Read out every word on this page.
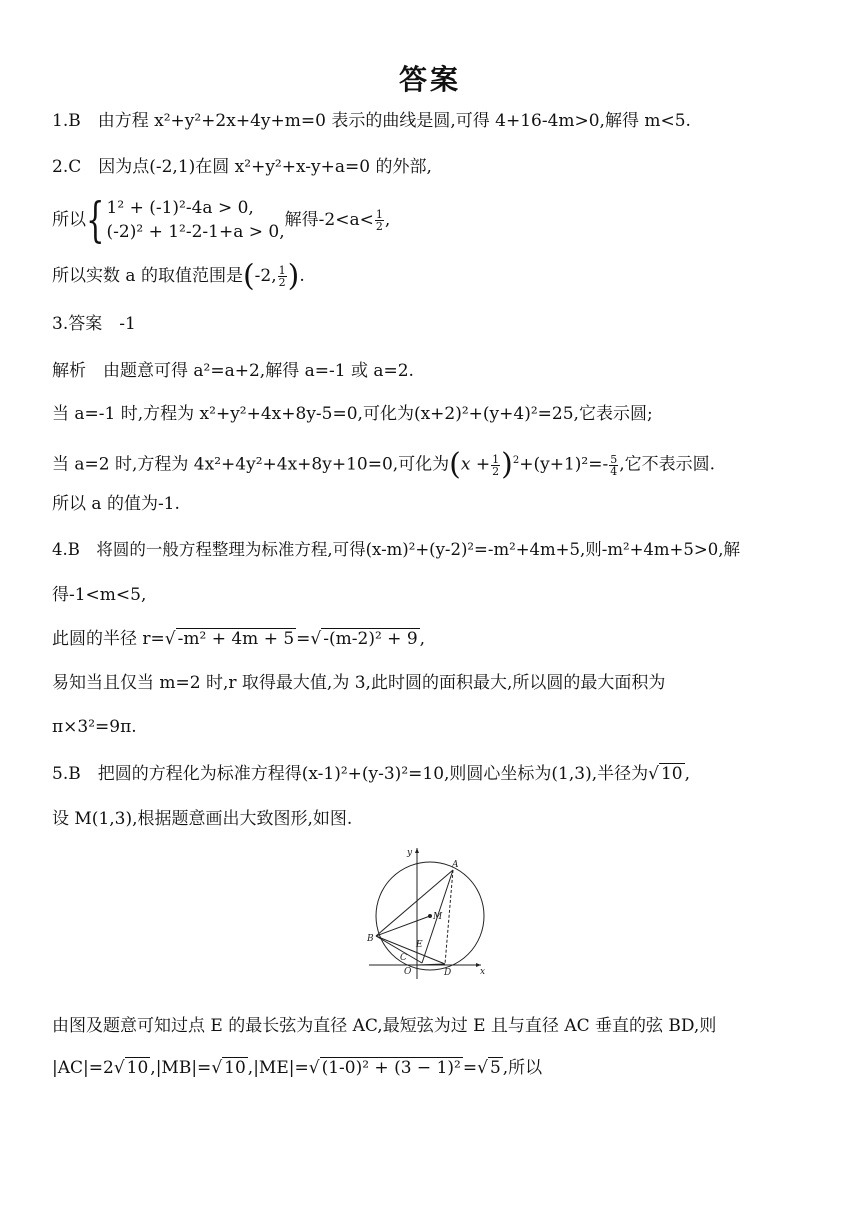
答案
1.B　由方程 x²+y²+2x+4y+m=0 表示的曲线是圆,可得 4+16-4m>0,解得 m<5.
2.C　因为点(-2,1)在圆 x²+y²+x-y+a=0 的外部,
所以{ 1² + (-1)²-4a > 0,
(-2)² + 1²-2-1+a > 0,
解得$-2<a< \frac{1}{2}$ ,
所以实数 a 的取值范围是(-2, $\frac{1}{2}$ ).
3.答案　-1
解析　由题意可得 a²=a+2,解得 a=-1 或 a=2.
当 a=-1 时,方程为 x²+y²+4x+8y-5=0,可化为(x+2)²+(y+4)²=25,它表示圆;
当 a=2 时,方程为 4x²+4y²+4x+8y+10=0,可化为$(x + \frac{1}{2} )^2+(y+1)^2=- \frac{5}{4}$ ,它不表示圆.
所以 a 的值为-1.
4.B　将圆的一般方程整理为标准方程,可得(x-m)²+(y-2)²=-m²+4m+5,则-m²+4m+5>0,解
得-1<m<5,
此圆的半径 r=√ -m² + 4m + 5 =√ -(m-2)² + 9 ,
易知当且仅当 m=2 时,r 取得最大值,为 3,此时圆的面积最大,所以圆的最大面积为
π×3²=9π.
5.B　把圆的方程化为标准方程得(x-1)²+(y-3)²=10,则圆心坐标为(1,3),半径为√ 10 ,
设 M(1,3),根据题意画出大致图形,如图.
y
A
M
B
E
C
O	D	x
由图及题意可知过点 E 的最长弦为直径 AC,最短弦为过 E 且与直径 AC 垂直的弦 BD,则
|AC|=2√ 10 ,|MB|=√ 10 ,|ME|=√ (1-0)² + (3 − 1)² =√ 5 ,所以
